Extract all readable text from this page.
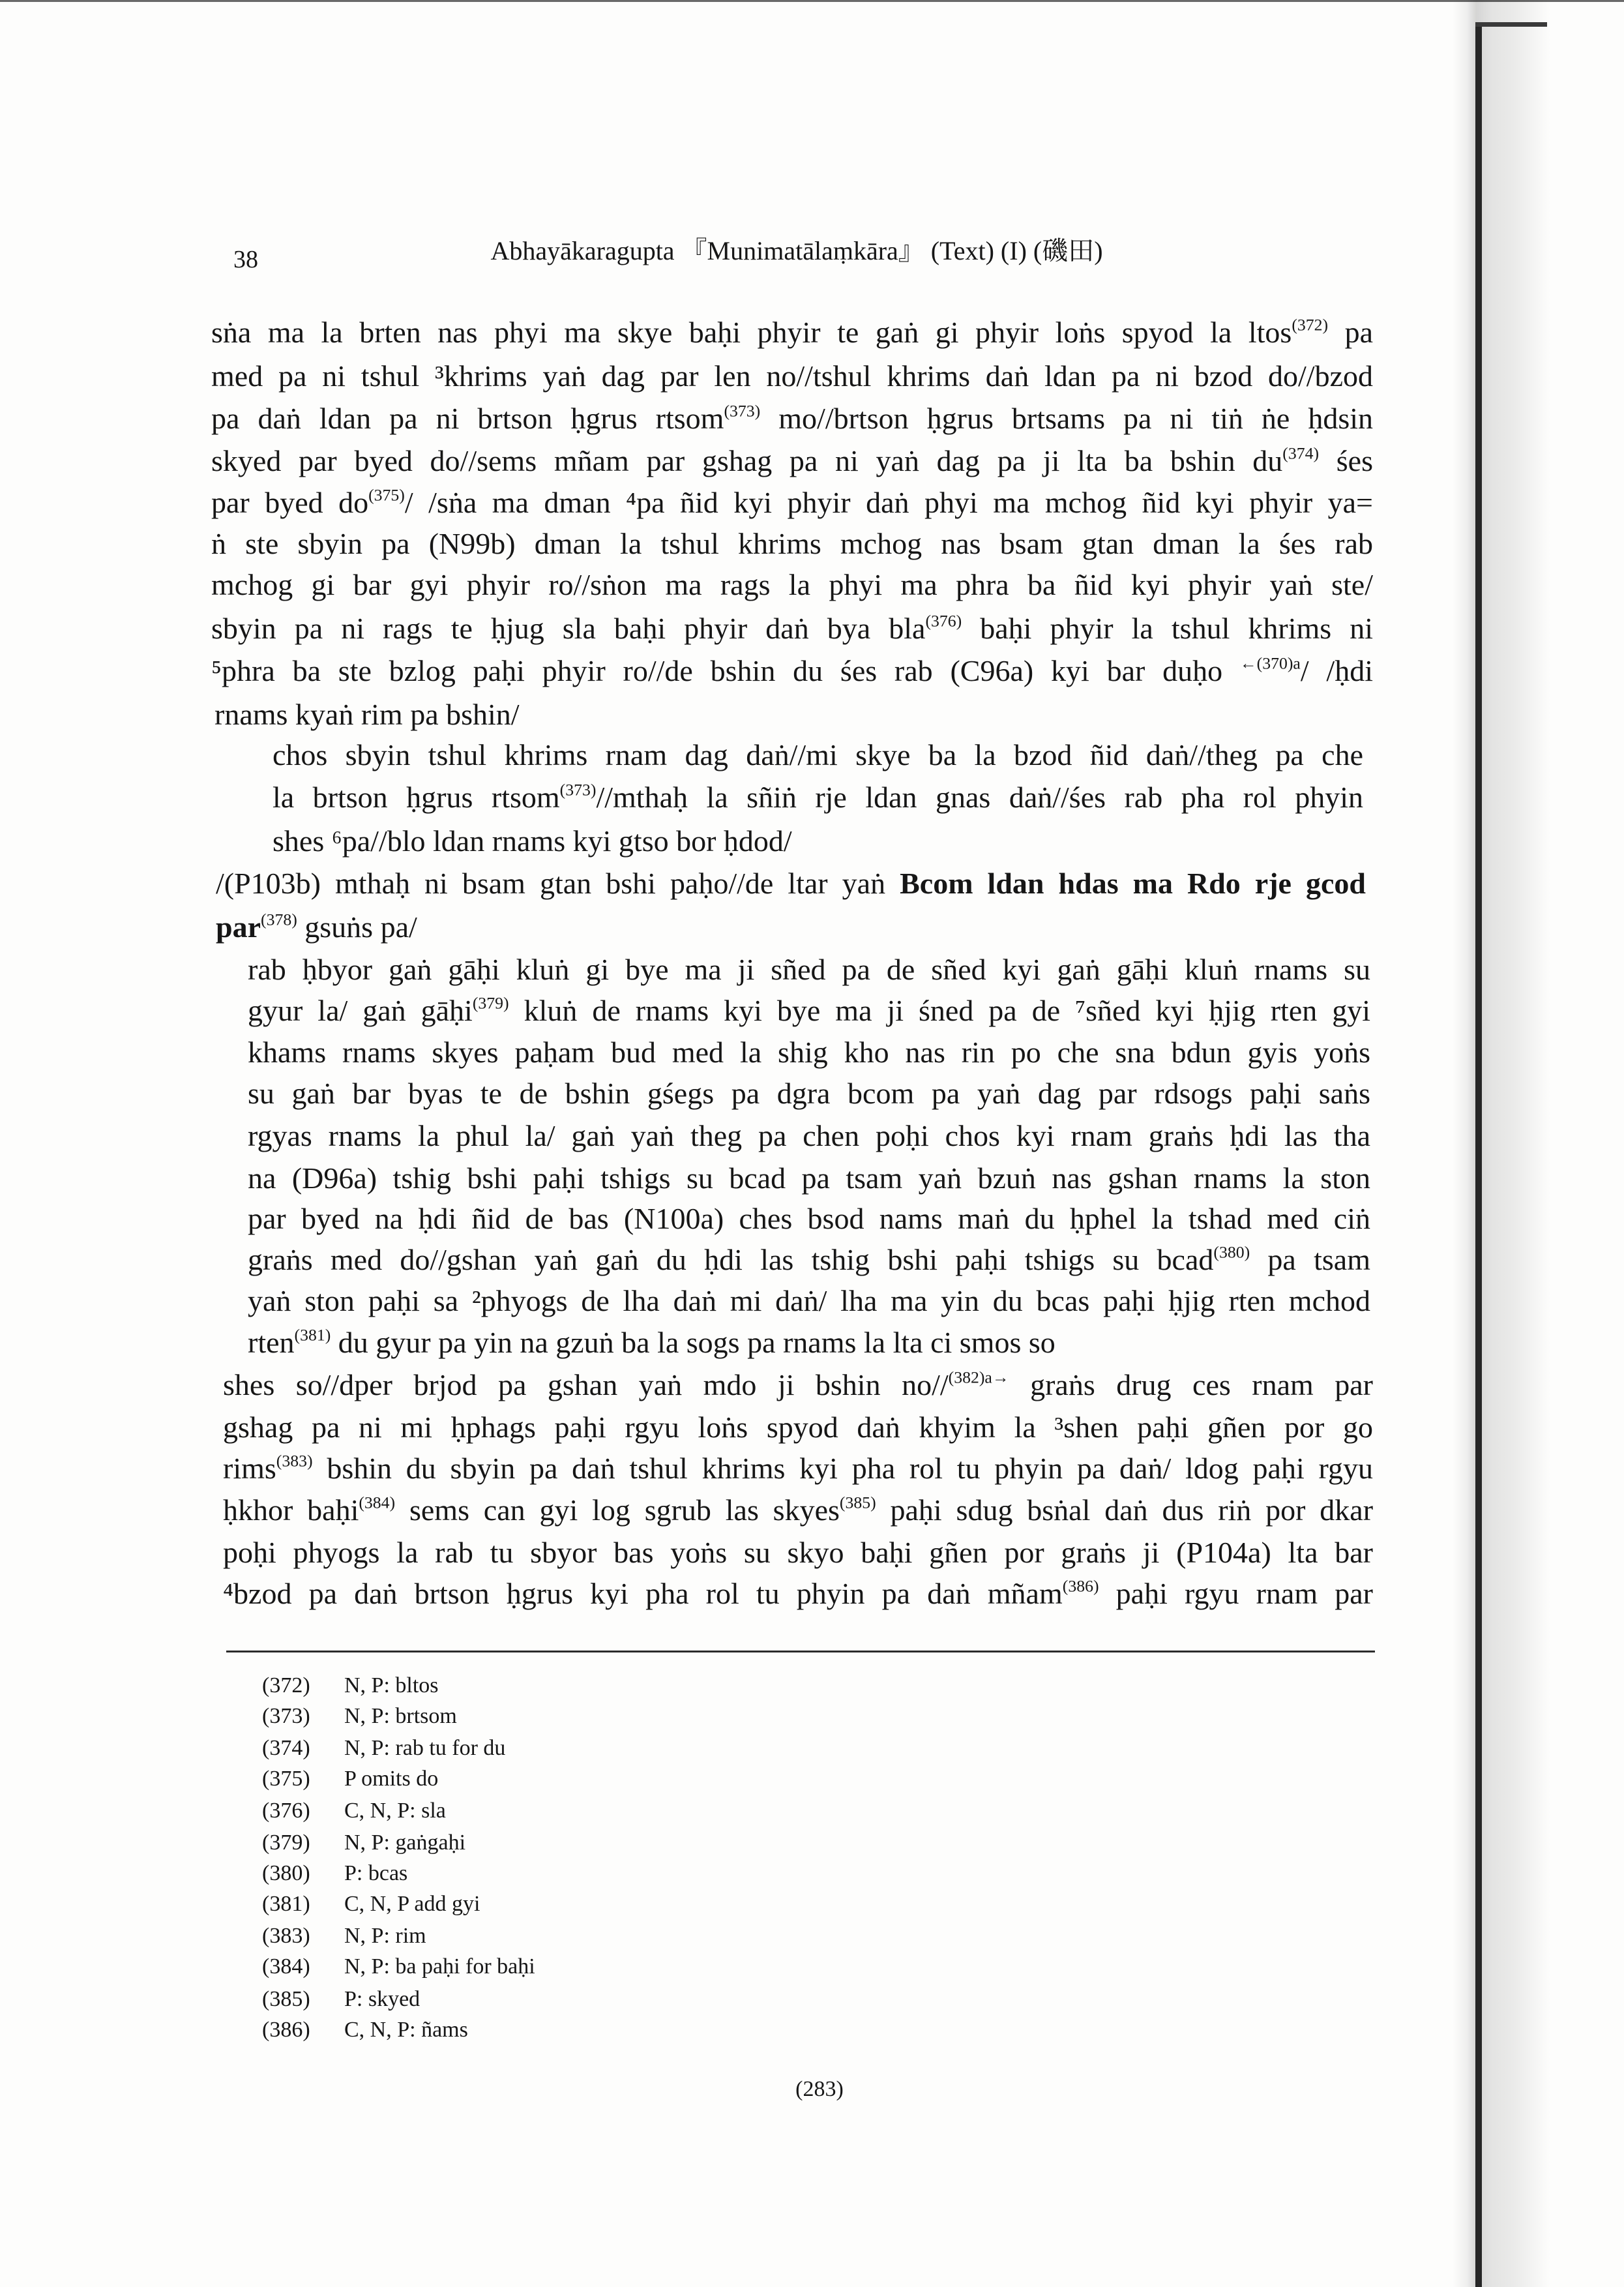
38	Abhayākaragupta 『Munimatālaṃkāra』 (Text) (I) (磯田)
sṅa ma la brten nas phyi ma skye baḥi phyir te gaṅ gi phyir loṅs spyod la ltos$^{(372)}$ pa
med pa ni tshul ³khrims yaṅ dag par len no//tshul khrims daṅ ldan pa ni bzod do//bzod
pa daṅ ldan pa ni brtson ḥgrus rtsom$^{(373)}$ mo//brtson ḥgrus brtsams pa ni tiṅ ṅe ḥdsin
skyed par byed do//sems mñam par gshag pa ni yaṅ dag pa ji lta ba bshin $du^{(374)}$ śes
par byed $do^{(375)}/$ /sṅa ma dman ⁴pa ñid kyi phyir daṅ phyi ma mchog ñid kyi phyir ya=
ṅ ste sbyin pa (N99b) dman la tshul khrims mchog nas bsam gtan dman la śes rab
mchog gi bar gyi phyir ro//sṅon ma rags la phyi ma phra ba ñid kyi phyir yaṅ ste/
sbyin pa ni rags te ḥjug sla baḥi phyir daṅ bya bla$^{(376)}$ baḥi phyir la tshul khrims ni
⁵phra ba ste bzlog paḥi phyir ro//de bshin du śes rab (C96a) kyi bar duḥo $^{\leftarrow(370)a}$/ /ḥdi
rnams kyaṅ rim pa bshin/
chos sbyin tshul khrims rnam dag daṅ//mi skye ba la bzod ñid daṅ//theg pa che
la brtson ḥgrus rtsom$^{(373)}$//mthaḥ la sñiṅ rje ldan gnas daṅ//śes rab pha rol phyin
shes ⁶pa//blo ldan rnams kyi gtso bor ḥdod/
/(P103b) mthaḥ ni bsam gtan bshi paḥo//de ltar yaṅ Bcom ldan hdas ma Rdo rje gcod
par$^{(378)}$ gsuṅs pa/
rab ḥbyor gaṅ gāḥi kluṅ gi bye ma ji sñed pa de sñed kyi gaṅ gāḥi kluṅ rnams su
gyur la/ gaṅ gāḥi$^{(379)}$ kluṅ de rnams kyi bye ma ji śned pa de ⁷sñed kyi ḥjig rten gyi
khams rnams skyes paḥam bud med la shig kho nas rin po che sna bdun gyis yoṅs
su gaṅ bar byas te de bshin gśegs pa dgra bcom pa yaṅ dag par rdsogs paḥi saṅs
rgyas rnams la phul la/ gaṅ yaṅ theg pa chen poḥi chos kyi rnam graṅs ḥdi las tha
na (D96a) tshig bshi paḥi tshigs su bcad pa tsam yaṅ bzuṅ nas gshan rnams la ston
par byed na ḥdi ñid de bas (N100a) ches bsod nams maṅ du ḥphel la tshad med ciṅ
graṅs med do//gshan yaṅ gaṅ du ḥdi las tshig bshi paḥi tshigs su bcad$^{(380)}$ pa tsam
yaṅ ston paḥi sa ²phyogs de lha daṅ mi daṅ/ lha ma yin du bcas paḥi ḥjig rten mchod
rten$^{(381)}$ du gyur pa yin na gzuṅ ba la sogs pa rnams la lta ci smos so
shes so//dper brjod pa gshan yaṅ mdo ji bshin no//$^{(382)a\to}$ graṅs drug ces rnam par
gshag pa ni mi ḥphags paḥi rgyu loṅs spyod daṅ khyim la ³shen paḥi gñen por go
rims$^{(383)}$ bshin du sbyin pa daṅ tshul khrims kyi pha rol tu phyin pa daṅ/ ldog paḥi rgyu
ḥkhor baḥi$^{(384)}$ sems can gyi log sgrub las skyes$^{(385)}$ paḥi sdug bsṅal daṅ dus riṅ por dkar
poḥi phyogs la rab tu sbyor bas yoṅs su skyo baḥi gñen por graṅs ji (P104a) lta bar
⁴bzod pa daṅ brtson ḥgrus kyi pha rol tu phyin pa daṅ mñam$^{(386)}$ paḥi rgyu rnam par
(372) N, P: bltos
(373) N, P: brtsom
(374) N, P: rab tu for du
(375) P omits do
(376) C, N, P: sla
(379) N, P: gaṅgaḥi
(380) P: bcas
(381) C, N, P add gyi
(383) N, P: rim
(384) N, P: ba paḥi for baḥi
(385) P: skyed
(386) C, N, P: ñams
(283)
